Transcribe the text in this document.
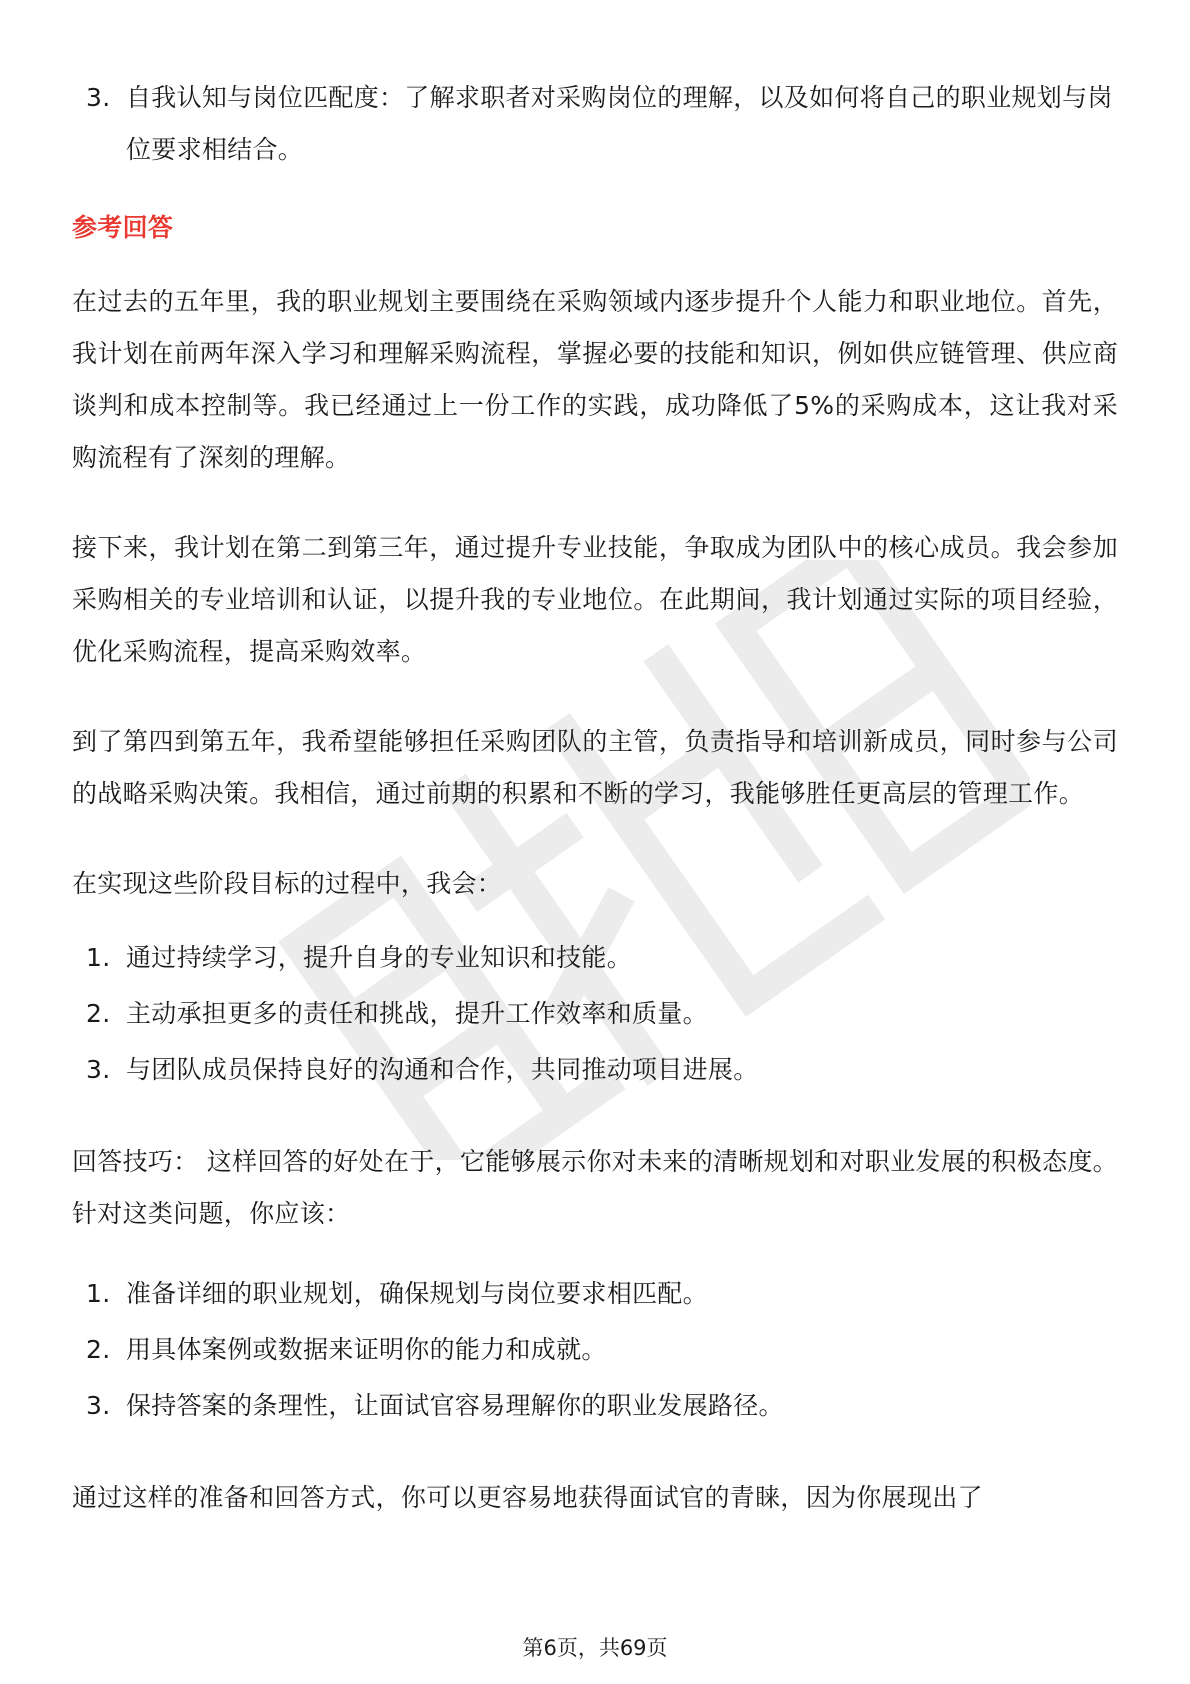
3. 自我认知与岗位匹配度：了解求职者对采购岗位的理解，以及如何将自己的职业规划与岗位要求相结合。
参考回答

在过去的五年里，我的职业规划主要围绕在采购领域内逐步提升个人能力和职业地位。首先，我计划在前两年深入学习和理解采购流程，掌握必要的技能和知识，例如供应链管理、供应商谈判和成本控制等。我已经通过上一份工作的实践，成功降低了5%的采购成本，这让我对采购流程有了深刻的理解。

接下来，我计划在第二到第三年，通过提升专业技能，争取成为团队中的核心成员。我会参加采购相关的专业培训和认证，以提升我的专业地位。在此期间，我计划通过实际的项目经验，优化采购流程，提高采购效率。

到了第四到第五年，我希望能够担任采购团队的主管，负责指导和培训新成员，同时参与公司的战略采购决策。我相信，通过前期的积累和不断的学习，我能够胜任更高层的管理工作。

在实现这些阶段目标的过程中，我会：

1. 通过持续学习，提升自身的专业知识和技能。
2. 主动承担更多的责任和挑战，提升工作效率和质量。
3. 与团队成员保持良好的沟通和合作，共同推动项目进展。

回答技巧： 这样回答的好处在于，它能够展示你对未来的清晰规划和对职业发展的积极态度。针对这类问题，你应该：

1. 准备详细的职业规划，确保规划与岗位要求相匹配。
2. 用具体案例或数据来证明你的能力和成就。
3. 保持答案的条理性，让面试官容易理解你的职业发展路径。

通过这样的准备和回答方式，你可以更容易地获得面试官的青睐，因为你展现出了

第6页，共69页
